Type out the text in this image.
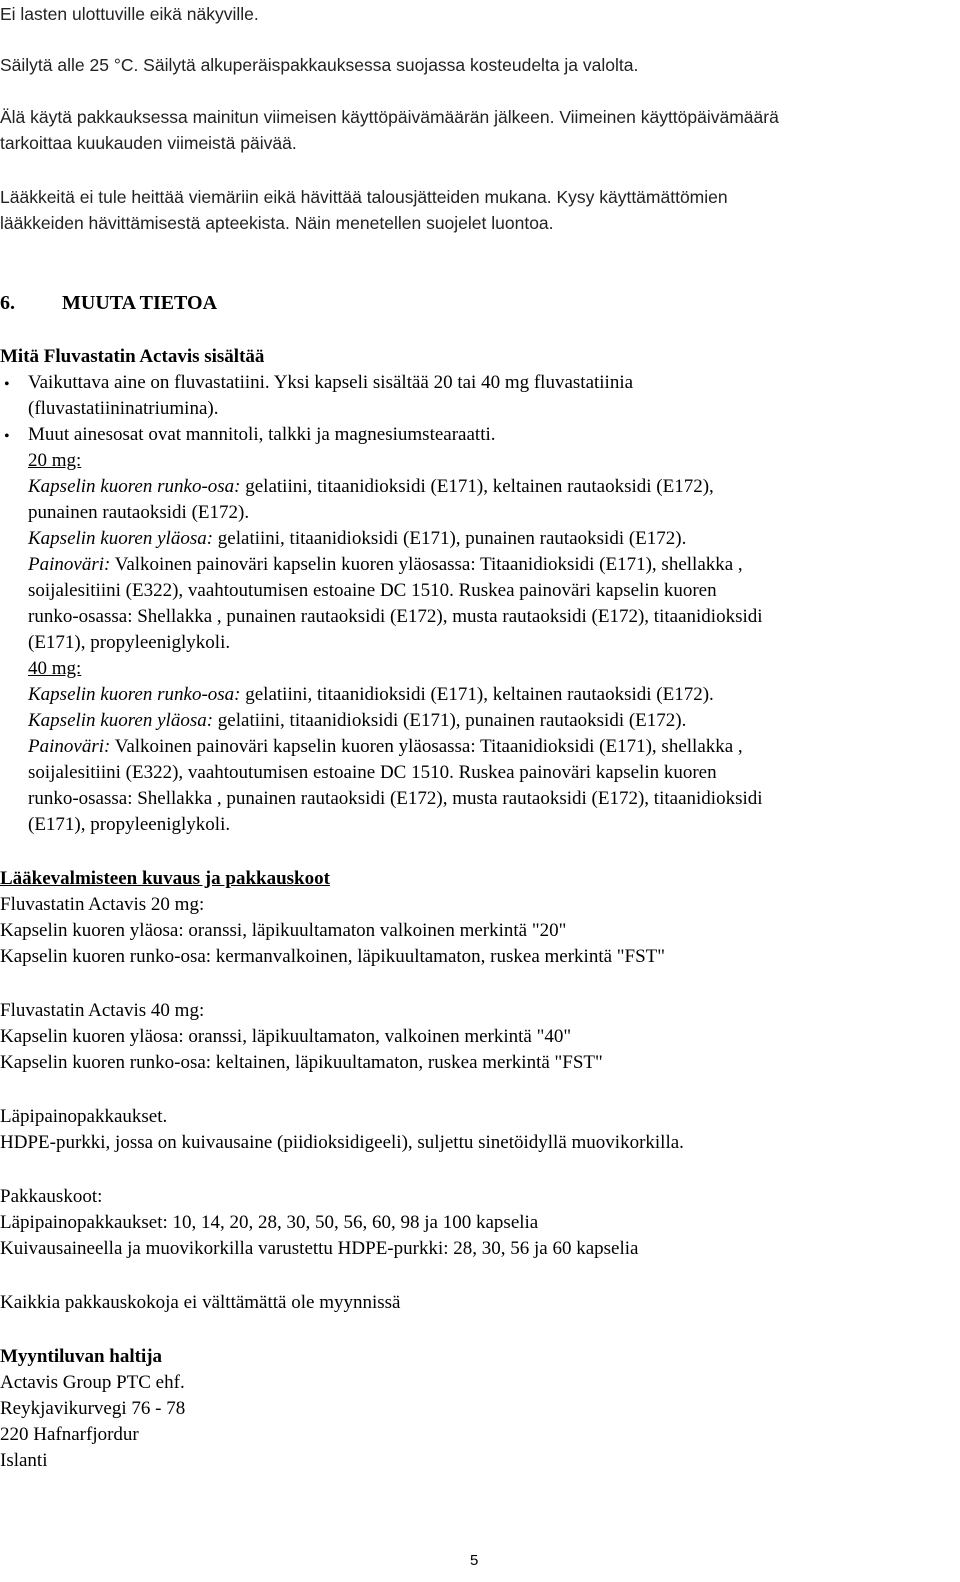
Ei lasten ulottuville eikä näkyville.
Säilytä alle 25 °C. Säilytä alkuperäispakkauksessa suojassa kosteudelta ja valolta.
Älä käytä pakkauksessa mainitun viimeisen käyttöpäivämäärän jälkeen. Viimeinen käyttöpäivämäärä
tarkoittaa kuukauden viimeistä päivää.
Lääkkeitä ei tule heittää viemäriin eikä hävittää talousjätteiden mukana. Kysy käyttämättömien
lääkkeiden hävittämisestä apteekista. Näin menetellen suojelet luontoa.
6. MUUTA TIETOA
Mitä Fluvastatin Actavis sisältää
• Vaikuttava aine on fluvastatiini. Yksi kapseli sisältää 20 tai 40 mg fluvastatiinia
(fluvastatiininatriumina).
• Muut ainesosat ovat mannitoli, talkki ja magnesiumstearaatti.
20 mg:
Kapselin kuoren runko-osa: gelatiini, titaanidioksidi (E171), keltainen rautaoksidi (E172),
punainen rautaoksidi (E172).
Kapselin kuoren yläosa: gelatiini, titaanidioksidi (E171), punainen rautaoksidi (E172).
Painoväri: Valkoinen painoväri kapselin kuoren yläosassa: Titaanidioksidi (E171), shellakka ,
soijalesitiini (E322), vaahtoutumisen estoaine DC 1510. Ruskea painoväri kapselin kuoren
runko-osassa: Shellakka , punainen rautaoksidi (E172), musta rautaoksidi (E172), titaanidioksidi
(E171), propyleeniglykoli.
40 mg:
Kapselin kuoren runko-osa: gelatiini, titaanidioksidi (E171), keltainen rautaoksidi (E172).
Kapselin kuoren yläosa: gelatiini, titaanidioksidi (E171), punainen rautaoksidi (E172).
Painoväri: Valkoinen painoväri kapselin kuoren yläosassa: Titaanidioksidi (E171), shellakka ,
soijalesitiini (E322), vaahtoutumisen estoaine DC 1510. Ruskea painoväri kapselin kuoren
runko-osassa: Shellakka , punainen rautaoksidi (E172), musta rautaoksidi (E172), titaanidioksidi
(E171), propyleeniglykoli.
Lääkevalmisteen kuvaus ja pakkauskoot
Fluvastatin Actavis 20 mg:
Kapselin kuoren yläosa: oranssi, läpikuultamaton valkoinen merkintä "20"
Kapselin kuoren runko-osa: kermanvalkoinen, läpikuultamaton, ruskea merkintä "FST"
Fluvastatin Actavis 40 mg:
Kapselin kuoren yläosa: oranssi, läpikuultamaton, valkoinen merkintä "40"
Kapselin kuoren runko-osa: keltainen, läpikuultamaton, ruskea merkintä "FST"
Läpipainopakkaukset.
HDPE-purkki, jossa on kuivausaine (piidioksidigeeli), suljettu sinetöidyllä muovikorkilla.
Pakkauskoot:
Läpipainopakkaukset: 10, 14, 20, 28, 30, 50, 56, 60, 98 ja 100 kapselia
Kuivausaineella ja muovikorkilla varustettu HDPE-purkki: 28, 30, 56 ja 60 kapselia
Kaikkia pakkauskokoja ei välttämättä ole myynnissä
Myyntiluvan haltija
Actavis Group PTC ehf.
Reykjavikurvegi 76 - 78
220 Hafnarfjordur
Islanti
5
